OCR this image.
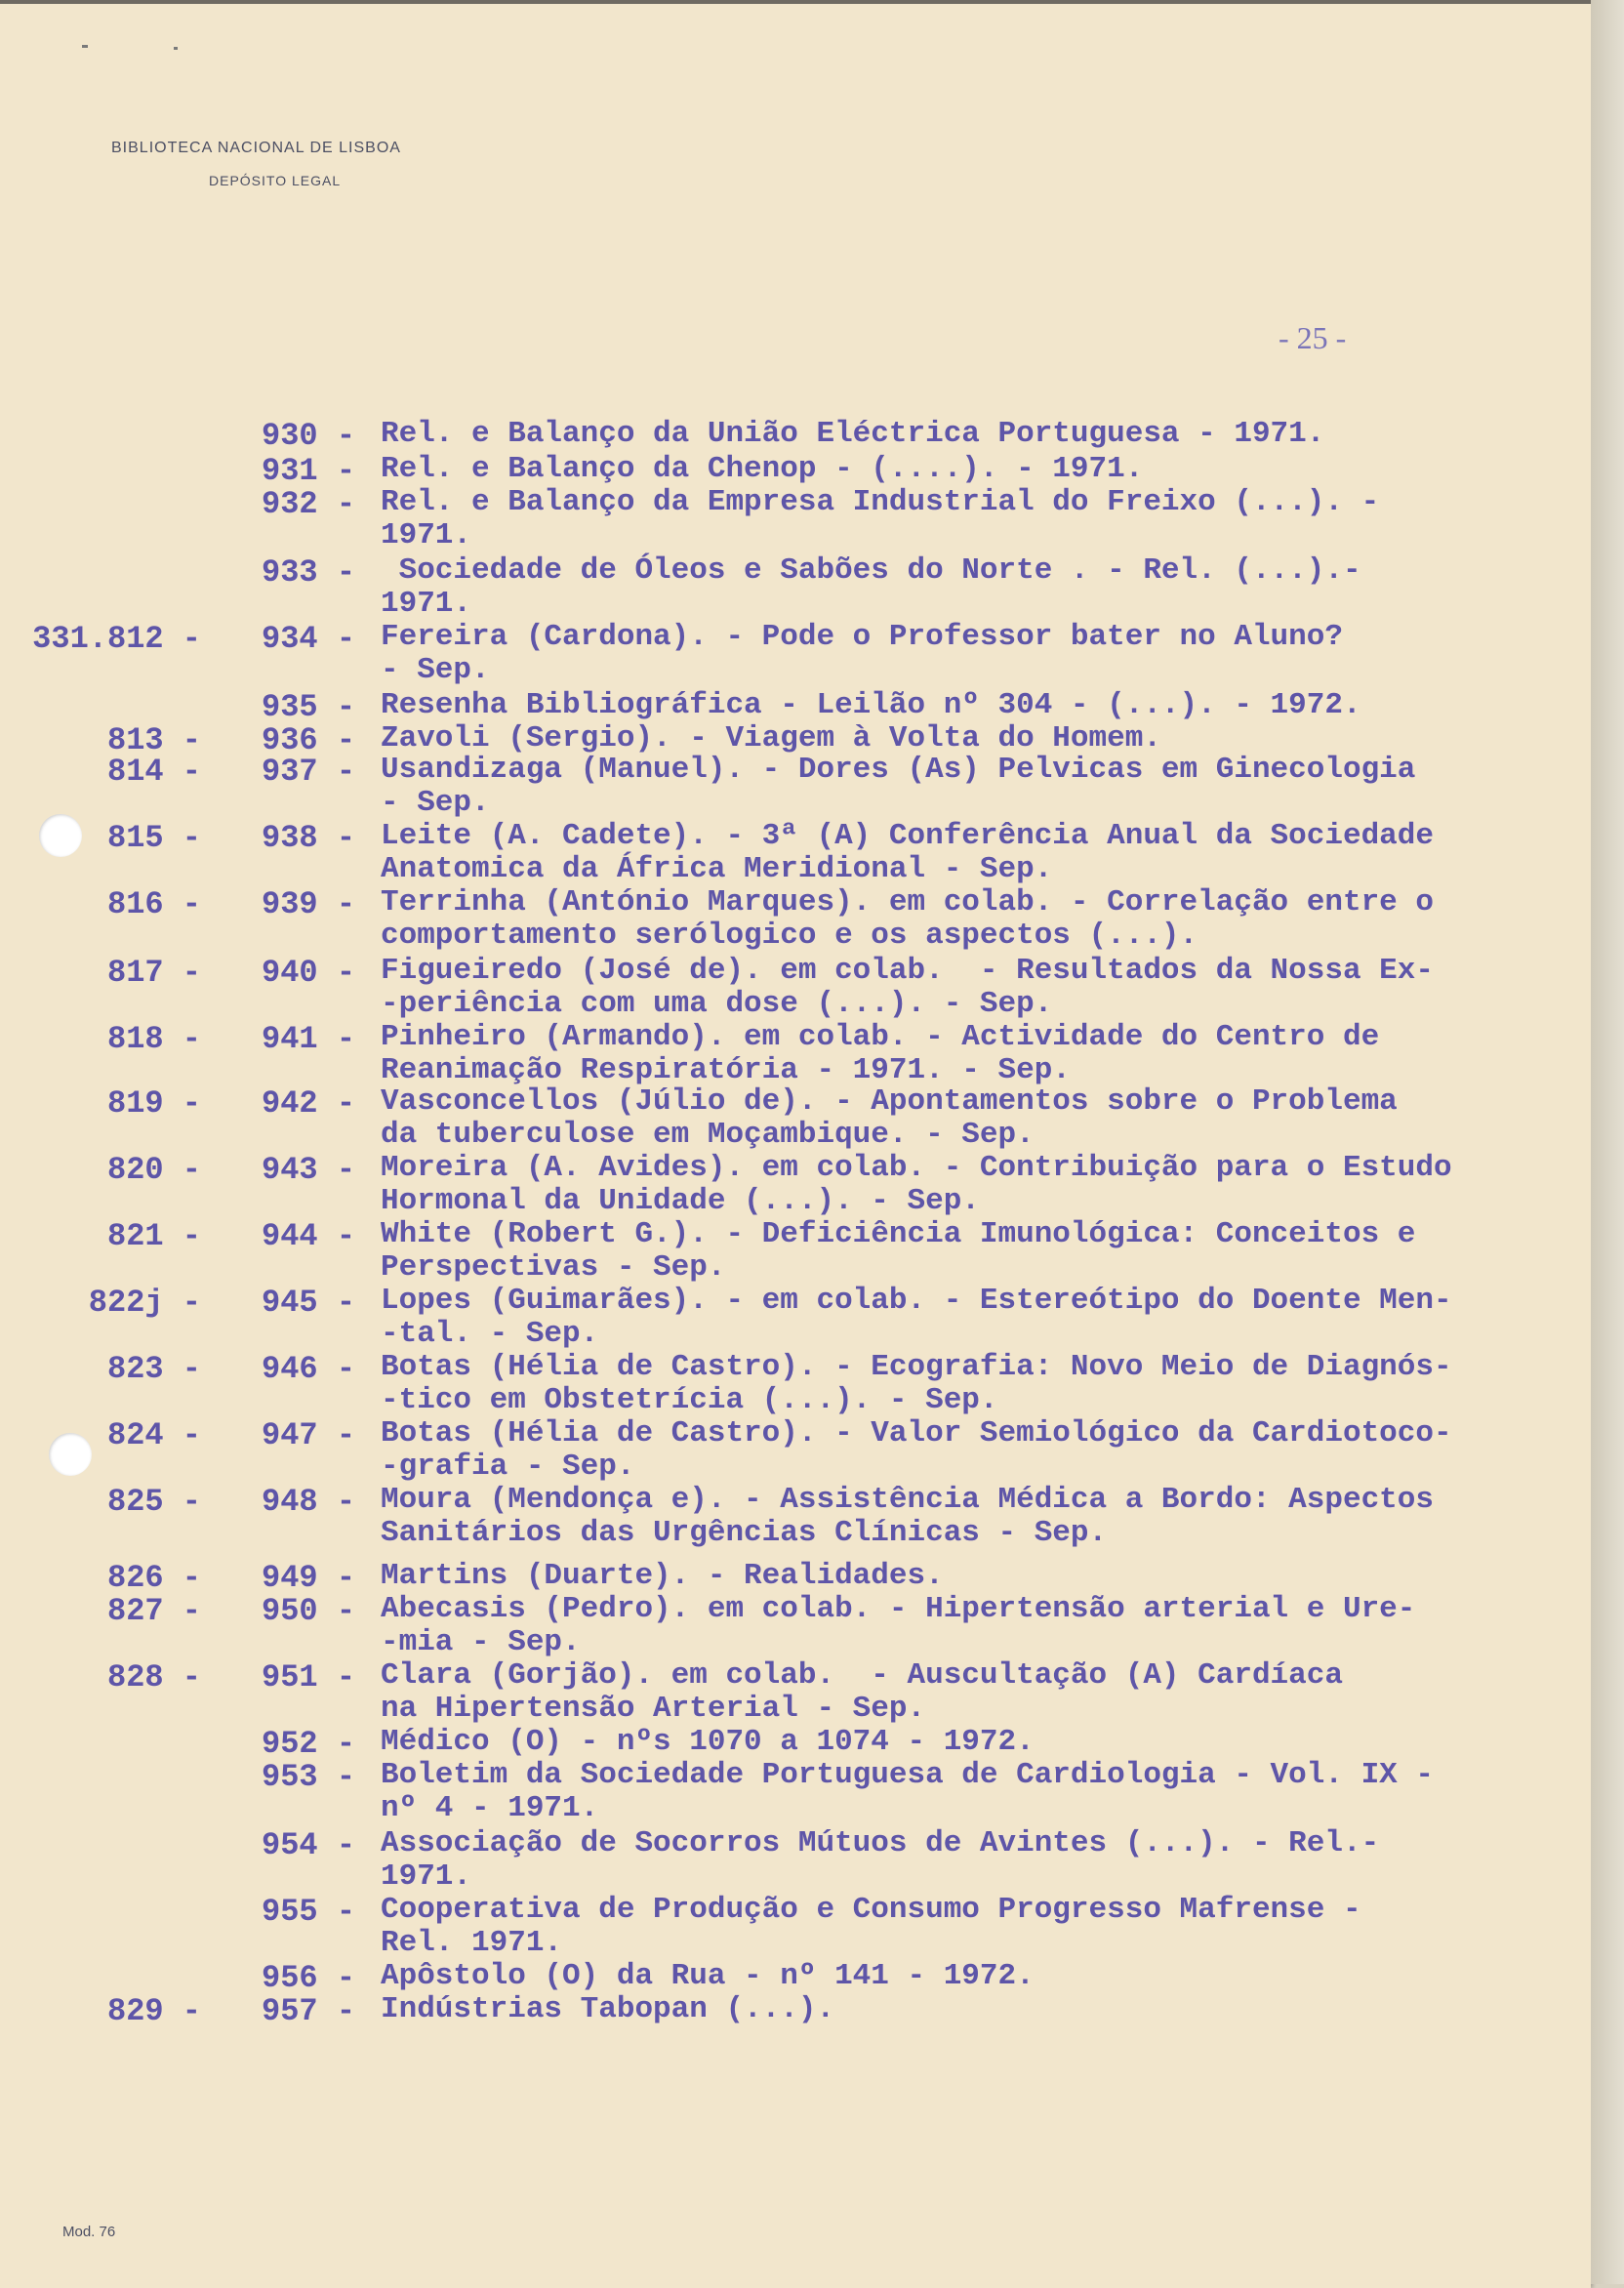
BIBLIOTECA NACIONAL DE LISBOA
DEPÓSITO LEGAL
- 25 -
930 - Rel. e Balanço da União Eléctrica Portuguesa - 1971.
931 - Rel. e Balanço da Chenop - (....). - 1971.
932 - Rel. e Balanço da Empresa Industrial do Freixo (...). -
1971.
933 - Sociedade de Óleos e Sabões do Norte . - Rel. (...).-
1971.
331.812 - 934 - Fereira (Cardona). - Pode o Professor bater no Aluno?
- Sep.
935 - Resenha Bibliográfica - Leilão nº 304 - (...). - 1972.
813 - 936 - Zavoli (Sergio). - Viagem à Volta do Homem.
814 - 937 - Usandizaga (Manuel). - Dores (As) Pelvicas em Ginecologia
- Sep.
815 - 938 - Leite (A. Cadete). - 3ª (A) Conferência Anual da Sociedade
Anatomica da África Meridional - Sep.
816 - 939 - Terrinha (António Marques). em colab. - Correlação entre o
comportamento serólogico e os aspectos (...).
817 - 940 - Figueiredo (José de). em colab.  - Resultados da Nossa Ex-
-periência com uma dose (...). - Sep.
818 - 941 - Pinheiro (Armando). em colab. - Actividade do Centro de
Reanimação Respiratória - 1971. - Sep.
819 - 942 - Vasconcellos (Júlio de). - Apontamentos sobre o Problema
da tuberculose em Moçambique. - Sep.
820 - 943 - Moreira (A. Avides). em colab. - Contribuição para o Estudo
Hormonal da Unidade (...). - Sep.
821 - 944 - White (Robert G.). - Deficiência Imunológica: Conceitos e
Perspectivas - Sep.
822j - 945 - Lopes (Guimarães). - em colab. - Estereótipo do Doente Men-
-tal. - Sep.
823 - 946 - Botas (Hélia de Castro). - Ecografia: Novo Meio de Diagnós-
-tico em Obstetrícia (...). - Sep.
824 - 947 - Botas (Hélia de Castro). - Valor Semiológico da Cardiotoco-
-grafia - Sep.
825 - 948 - Moura (Mendonça e). - Assistência Médica a Bordo: Aspectos
Sanitários das Urgências Clínicas - Sep.
826 - 949 - Martins (Duarte). - Realidades.
827 - 950 - Abecasis (Pedro). em colab. - Hipertensão arterial e Ure-
-mia - Sep.
828 - 951 - Clara (Gorjão). em colab.  - Auscultação (A) Cardíaca
na Hipertensão Arterial - Sep.
952 - Médico (O) - nºs 1070 a 1074 - 1972.
953 - Boletim da Sociedade Portuguesa de Cardiologia - Vol. IX -
nº 4 - 1971.
954 - Associação de Socorros Mútuos de Avintes (...). - Rel.-
1971.
955 - Cooperativa de Produção e Consumo Progresso Mafrense -
Rel. 1971.
956 - Apôstolo (O) da Rua - nº 141 - 1972.
829 - 957 - Indústrias Tabopan (...).
Mod. 76
